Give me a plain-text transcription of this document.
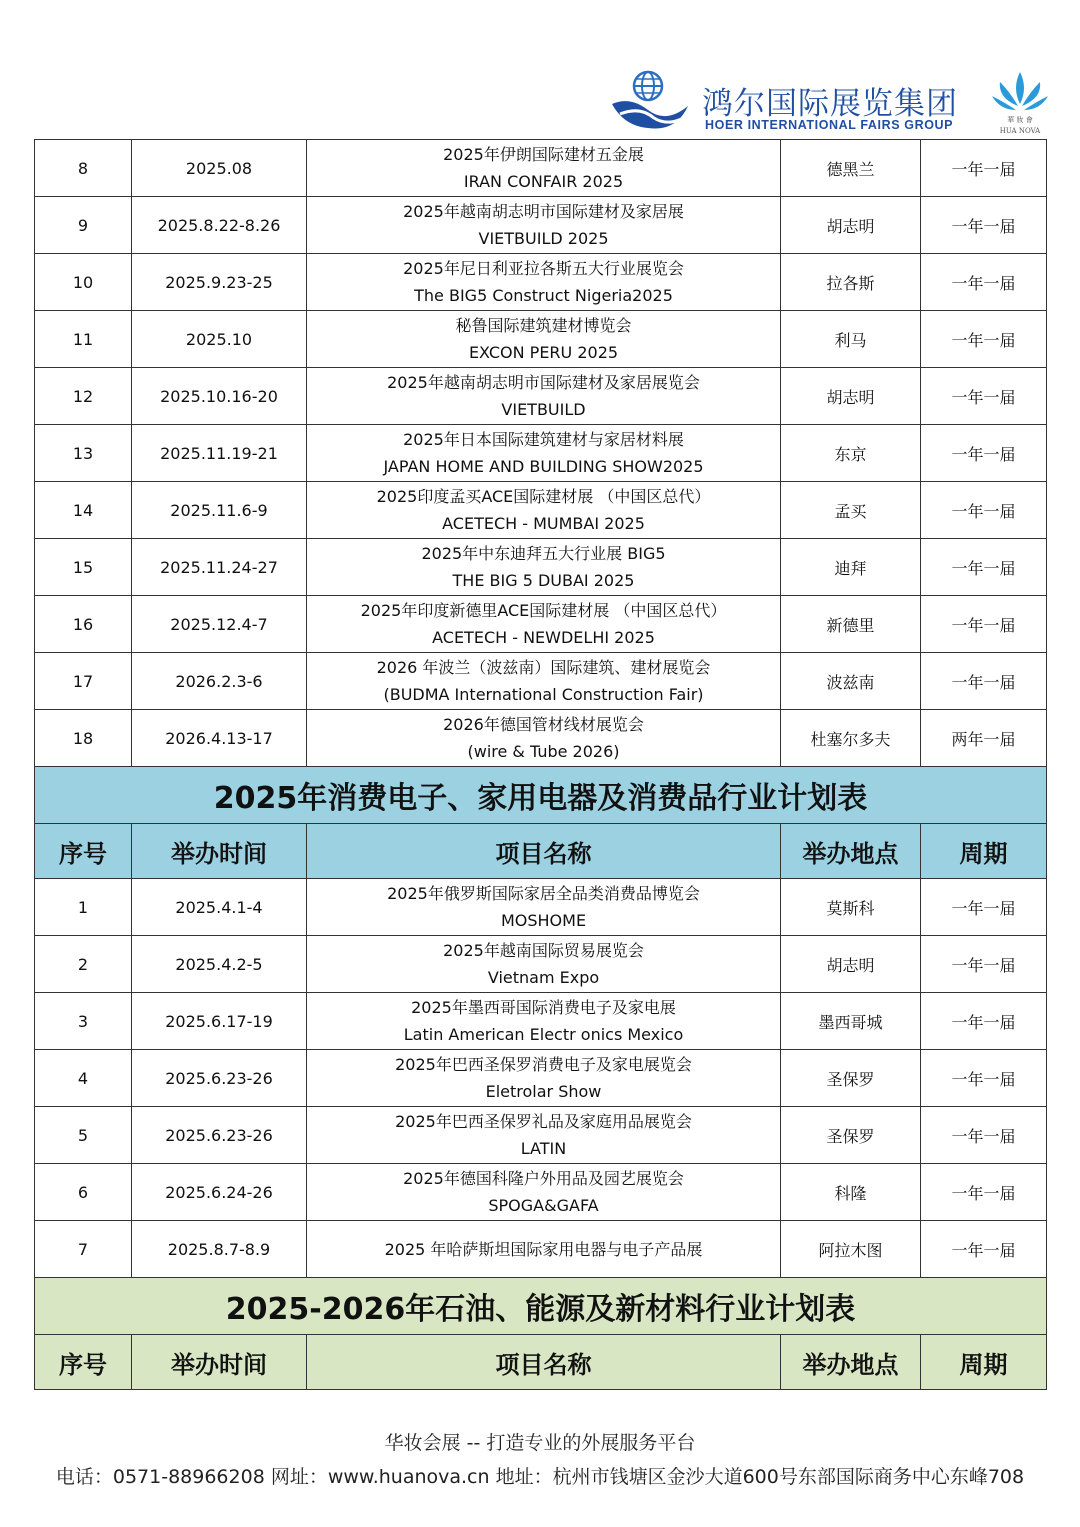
鸿尔国际展览集团
HOER INTERNATIONAL FAIRS GROUP	華 妝 會
HUA NOVA
8	2025.08	2025年伊朗国际建材五金展
IRAN CONFAIR 2025	德黑兰	一年一届
9	2025.8.22-8.26	2025年越南胡志明市国际建材及家居展
VIETBUILD 2025	胡志明	一年一届
10	2025.9.23-25	2025年尼日利亚拉各斯五大行业展览会
The BIG5 Construct Nigeria2025	拉各斯	一年一届
11	2025.10	秘鲁国际建筑建材博览会
EXCON PERU 2025	利马	一年一届
12	2025.10.16-20	2025年越南胡志明市国际建材及家居展览会
VIETBUILD	胡志明	一年一届
13	2025.11.19-21	2025年日本国际建筑建材与家居材料展
JAPAN HOME AND BUILDING SHOW2025	东京	一年一届
14	2025.11.6-9	2025印度孟买ACE国际建材展 （中国区总代）
ACETECH - MUMBAI 2025	孟买	一年一届
15	2025.11.24-27	2025年中东迪拜五大行业展 BIG5
THE BIG 5 DUBAI 2025	迪拜	一年一届
16	2025.12.4-7	2025年印度新德里ACE国际建材展 （中国区总代）
ACETECH - NEWDELHI 2025	新德里	一年一届
17	2026.2.3-6	2026 年波兰（波兹南）国际建筑、建材展览会
(BUDMA International Construction Fair)	波兹南	一年一届
18	2026.4.13-17	2026年德国管材线材展览会
(wire & Tube 2026)	杜塞尔多夫	两年一届
2025年消费电子、家用电器及消费品行业计划表				
序号	举办时间	项目名称	举办地点	周期
1	2025.4.1-4	2025年俄罗斯国际家居全品类消费品博览会
MOSHOME	莫斯科	一年一届
2	2025.4.2-5	2025年越南国际贸易展览会
Vietnam Expo	胡志明	一年一届
3	2025.6.17-19	2025年墨西哥国际消费电子及家电展
Latin American Electr onics Mexico	墨西哥城	一年一届
4	2025.6.23-26	2025年巴西圣保罗消费电子及家电展览会
Eletrolar Show	圣保罗	一年一届
5	2025.6.23-26	2025年巴西圣保罗礼品及家庭用品展览会
LATIN	圣保罗	一年一届
6	2025.6.24-26	2025年德国科隆户外用品及园艺展览会
SPOGA&GAFA	科隆	一年一届
7	2025.8.7-8.9	2025 年哈萨斯坦国际家用电器与电子产品展	阿拉木图	一年一届
2025-2026年石油、能源及新材料行业计划表				
序号	举办时间	项目名称	举办地点	周期
华妆会展 -- 打造专业的外展服务平台
电话：0571-88966208 网址：www.huanova.cn 地址：杭州市钱塘区金沙大道600号东部国际商务中心东峰708
